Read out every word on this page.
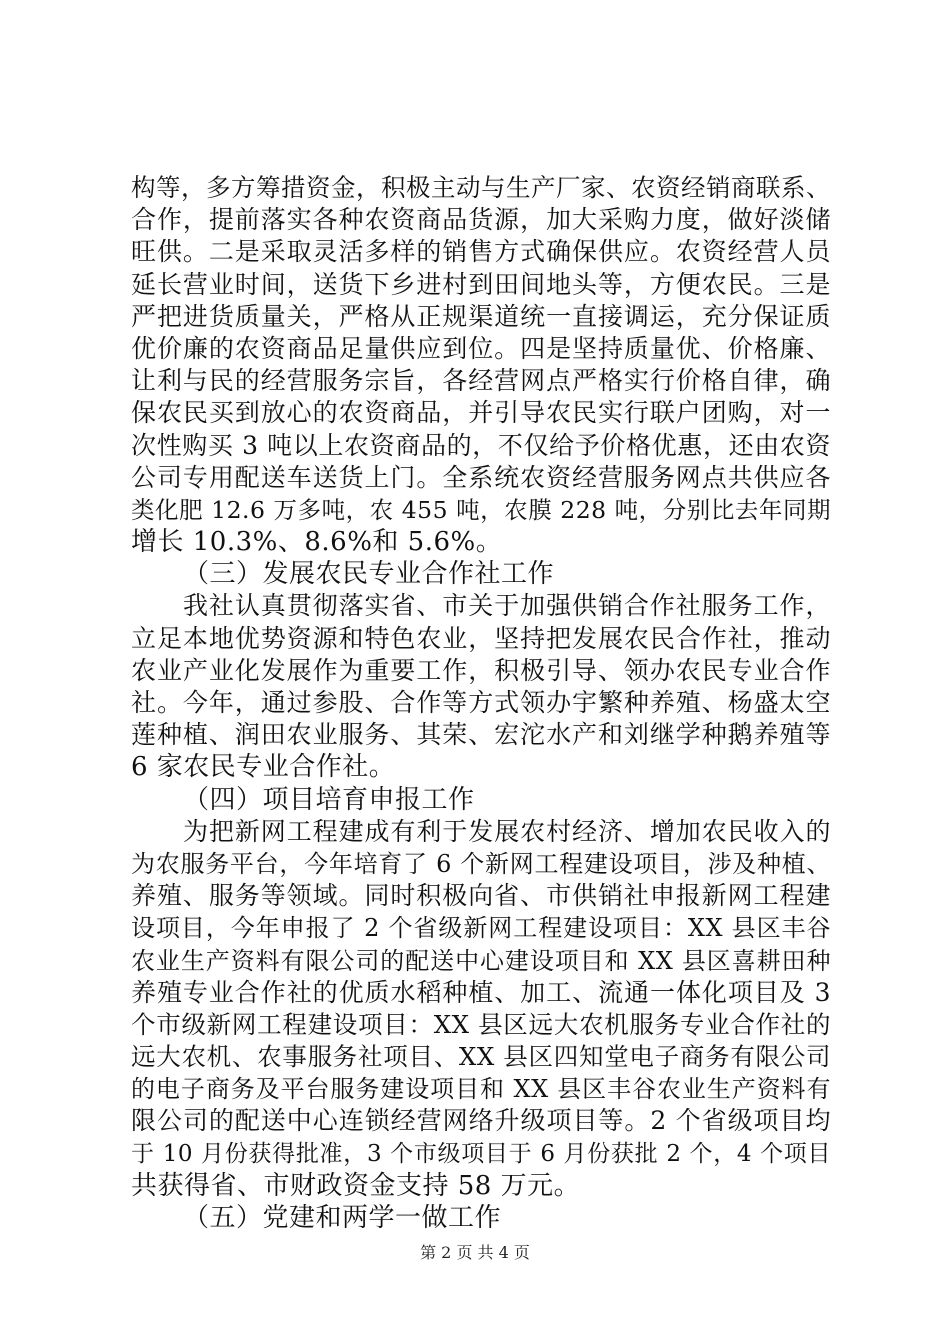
构等，多方筹措资金，积极主动与生产厂家、农资经销商联系、
合作，提前落实各种农资商品货源，加大采购力度，做好淡储
旺供。二是采取灵活多样的销售方式确保供应。农资经营人员
延长营业时间，送货下乡进村到田间地头等，方便农民。三是
严把进货质量关，严格从正规渠道统一直接调运，充分保证质
优价廉的农资商品足量供应到位。四是坚持质量优、价格廉、
让利与民的经营服务宗旨，各经营网点严格实行价格自律，确
保农民买到放心的农资商品，并引导农民实行联户团购，对一
次性购买 3 吨以上农资商品的，不仅给予价格优惠，还由农资
公司专用配送车送货上门。全系统农资经营服务网点共供应各
类化肥 12.6 万多吨，农 455 吨，农膜 228 吨，分别比去年同期
增长 10.3%、8.6%和 5.6%。
（三）发展农民专业合作社工作
我社认真贯彻落实省、市关于加强供销合作社服务工作，
立足本地优势资源和特色农业，坚持把发展农民合作社，推动
农业产业化发展作为重要工作，积极引导、领办农民专业合作
社。今年，通过参股、合作等方式领办宇繁种养殖、杨盛太空
莲种植、润田农业服务、其荣、宏沱水产和刘继学种鹅养殖等
6 家农民专业合作社。
（四）项目培育申报工作
为把新网工程建成有利于发展农村经济、增加农民收入的
为农服务平台，今年培育了 6 个新网工程建设项目，涉及种植、
养殖、服务等领域。同时积极向省、市供销社申报新网工程建
设项目，今年申报了 2 个省级新网工程建设项目：XX 县区丰谷
农业生产资料有限公司的配送中心建设项目和 XX 县区喜耕田种
养殖专业合作社的优质水稻种植、加工、流通一体化项目及 3
个市级新网工程建设项目：XX 县区远大农机服务专业合作社的
远大农机、农事服务社项目、XX 县区四知堂电子商务有限公司
的电子商务及平台服务建设项目和 XX 县区丰谷农业生产资料有
限公司的配送中心连锁经营网络升级项目等。2 个省级项目均
于 10 月份获得批准，3 个市级项目于 6 月份获批 2 个，4 个项目
共获得省、市财政资金支持 58 万元。
（五）党建和两学一做工作
第 2 页 共 4 页
